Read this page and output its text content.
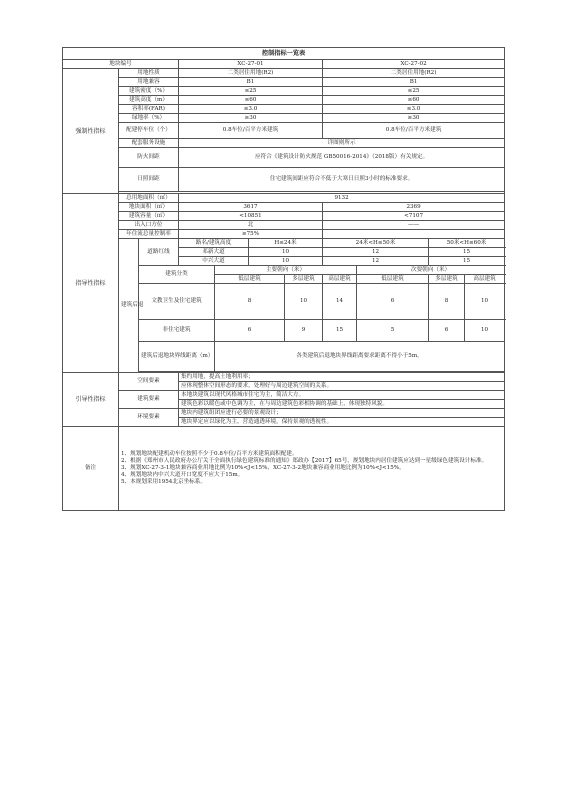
控制指标一览表										
地块编号			XC-27-01				XC-27-02			
强制性指标	用地性质		二类居住用地(R2)				二类居住用地(R2)			
	用地兼容		B1				B1			
	建筑密度（%）		≤25				≤25			
	建筑高度（m）		≤60				≤60			
	容积率(FAR)		≤3.0				≤3.0			
	绿地率（%）		≥30				≥30			
	配建停车位（个）		0.8车位/百平方米建筑				0.8车位/百平方米建筑			
	配套服务设施		详图则所示							
	防火间距		应符合《建筑设计防火规范 GB50016-2014》（2018版）有关规定。							
	日照间距		住宅建筑间距应符合不低于大寒日日照3小时的标准要求。							

指导性指标	总用地面积（㎡）		9132							
	地块面积（㎡）		3617				2369			
	建筑容量（㎡）		<10851				<7107			
	出入口方位		北				——			
	年住流总量控制率		≥75%							
	建筑后退	道路红线	路名/建筑高度		H≤24米		24米<H≤50米		50米<H≤60米	
			邓新大道		10		12		15	
			中兴大道		10		12		15	
		建筑分类		主要朝向（米）				次要朝向（米）		
				低层建筑		多层建筑	高层建筑	低层建筑	多层建筑	高层建筑
		文教卫生及住宅建筑		8		10	14	6	8	10
		非住宅建筑		6		9	15	5	6	10
		建筑后退地块界线距离（m）		各类建筑后退地块界线距离要求距离不得小于5m。						

引导性指标	空间要素		集约用地，提高土地利用率；							
			应体现整体空间形态的要求，处理好与周边建筑空间的关系。							
	建筑要素		本地块建筑以现代风格城市住宅为主，简洁大方。							
			建筑色彩以暖色或中色调为主，在与周边建筑色彩相协调的基础上，体现独特风貌。							
	环境要素		地块内建筑组团应进行必要的景观设计；							
			地块界定应以绿化为主，营造通透环境，保持景观的透视性。							
备注	1、规划地块配建机动车位按照不少于0.8车位/百平方米建筑面积配建。
2、根据《郑州市人民政府办公厅关于全面执行绿色建筑标准的通知》郑政办【2017】65号，规划地块内居住建筑应达到一星级绿色建筑设计标准。
3、规划XC-27-3-1地块兼容商业用地比例为10%<J<15%，XC-27-3-2地块兼容商业用地比例为10%<J<15%。
4、规划地块内中兴大道开口宽度不应大于15m。
5、本规划采用1954北京坐标系。									
